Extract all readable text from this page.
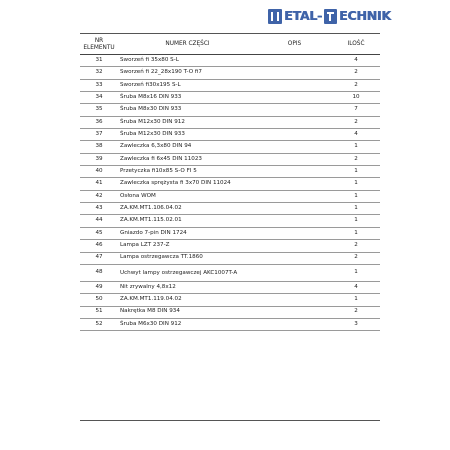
ETAL- ECHNIK
NR
ELEMENTU	NUMER CZĘŚCI	OPIS	ILOŚĆ
31	Sworzeń fi 35x80 S-L		4
32	Sworzeń fi 22_28x190 T-O fi7		2
33	Sworzeń fi30x195 S-L		2
34	Śruba M8x16 DIN 933		10
35	Śruba M8x30 DIN 933		7
36	Śruba M12x30 DIN 912		2
37	Śruba M12x30 DIN 933		4
38	Zawleczka 6,3x80 DIN 94		1
39	Zawleczka fi 6x45 DIN 11023		2
40	Przetyczka fi10x85 S-O FI 5		1
41	Zawleczka sprężysta fi 3x70 DIN 11024		1
42	Osłona WOM		1
43	ZA.KM.MT1.106.04.02		1
44	ZA.KM.MT1.115.02.01		1
45	Gniazdo 7-pin DIN 1724		1
46	Lampa LZT 237-Z		2
47	Lampa ostrzegawcza TT.1860		2
48	Uchwyt lampy ostrzegawczej AKC1007T-A		1
49	Nit zrywalny 4,8x12		4
50	ZA.KM.MT1.119.04.02		1
51	Nakrętka M8 DIN 934		2
52	Śruba M6x30 DIN 912		3
